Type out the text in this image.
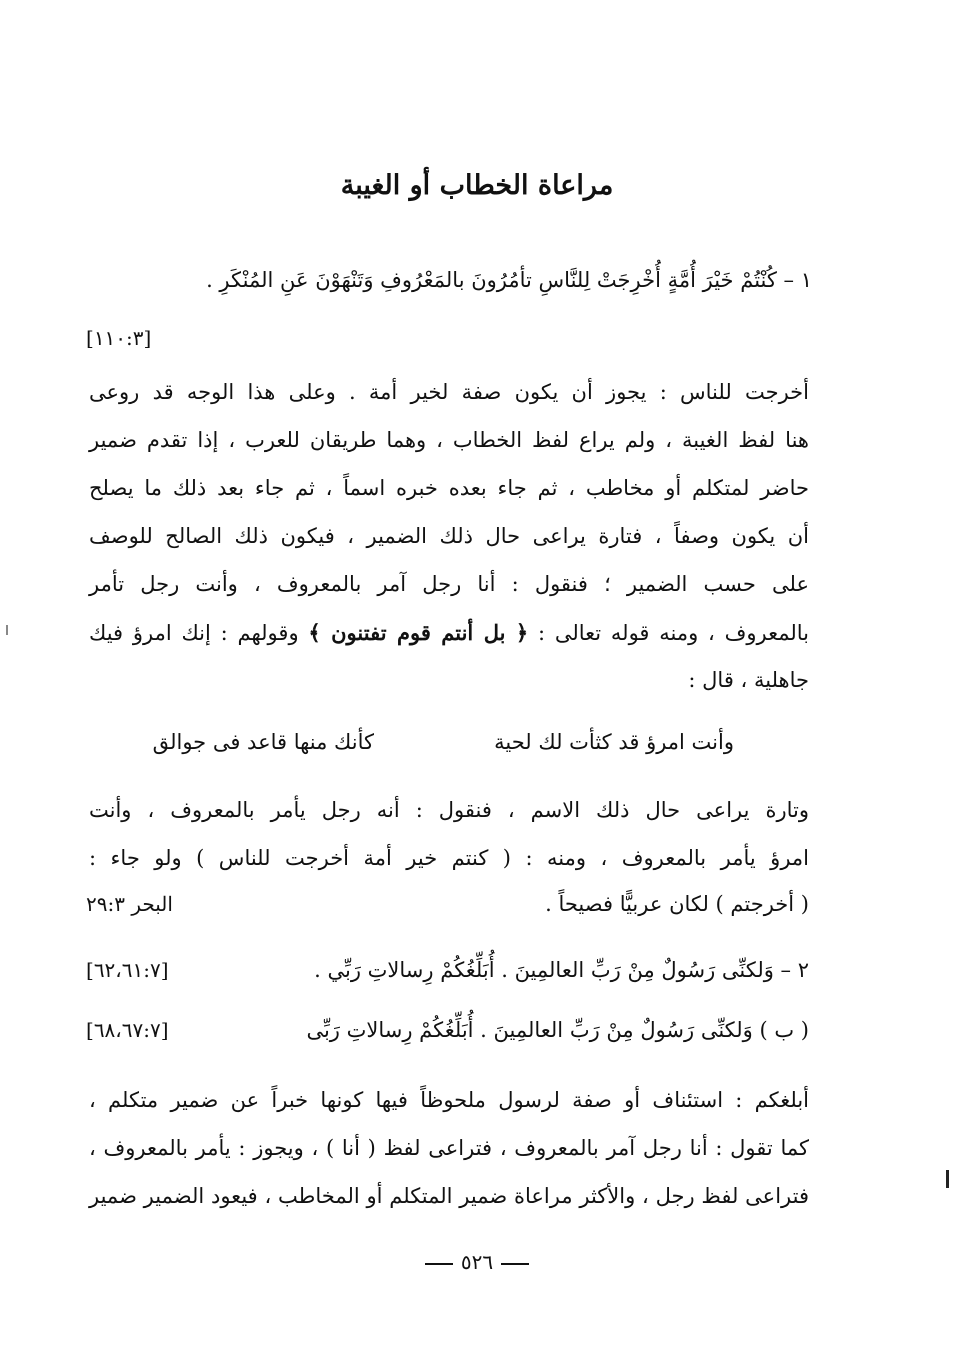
مراعاة الخطاب أو الغيبة
١ – كُنْتُمْ خَيْرَ أُمَّةٍ أُخْرِجَتْ لِلنَّاسِ تأمُرُونَ بالمَعْرُوفِ وَتَنْهَوْنَ عَنِ المُنْكَرِ .
[١١٠:٣]
أخرجت للناس : يجوز أن يكون صفة لخير أمة . وعلى هذا الوجه قد روعى
هنا لفظ الغيبة ، ولم يراع لفظ الخطاب ، وهما طريقان للعرب ، إذا تقدم ضمير
حاضر لمتكلم أو مخاطب ، ثم جاء بعده خبره اسماً ، ثم جاء بعد ذلك ما يصلح
أن يكون وصفاً ، فتارة يراعى حال ذلك الضمير ، فيكون ذلك الصالح للوصف
على حسب الضمير ؛ فنقول : أنا رجل آمر بالمعروف ، وأنت رجل تأمر
بالمعروف ، ومنه قوله تعالى : ﴿ بل أنتم قوم تفتنون ﴾ وقولهم : إنك امرؤ فيك
جاهلية ، قال :
وأنت امرؤ قد كثأت لك لحية
كأنك منها قاعد فى جوالق
وتارة يراعى حال ذلك الاسم ، فنقول : أنه رجل يأمر بالمعروف ، وأنت
امرؤ يأمر بالمعروف ، ومنه : ( كنتم خير أمة أخرجت للناس ) ولو جاء :
( أخرجتم ) لكان عربيًّا فصيحاً .
البحر ٢٩:٣
٢ – وَلكنِّى رَسُولٌ مِنْ رَبِّ العالمِينَ . أُبَلِّغُكُمْ رِسالاتِ رَبِّي .
[٦٢،٦١:٧]
( ب ) وَلكنِّى رَسُولٌ مِنْ رَبِّ العالمِينَ . أُبَلِّغُكُمْ رِسالاتِ رَبِّى
[٦٨،٦٧:٧]
أبلغكم : استئناف أو صفة لرسول ملحوظاً فيها كونها خبراً عن ضمير متكلم ،
كما تقول : أنا رجل آمر بالمعروف ، فتراعى لفظ ( أنا ) ، ويجوز : يأمر بالمعروف ،
فتراعى لفظ رجل ، والأكثر مراعاة ضمير المتكلم أو المخاطب ، فيعود الضمير ضمير
٥٢٦
